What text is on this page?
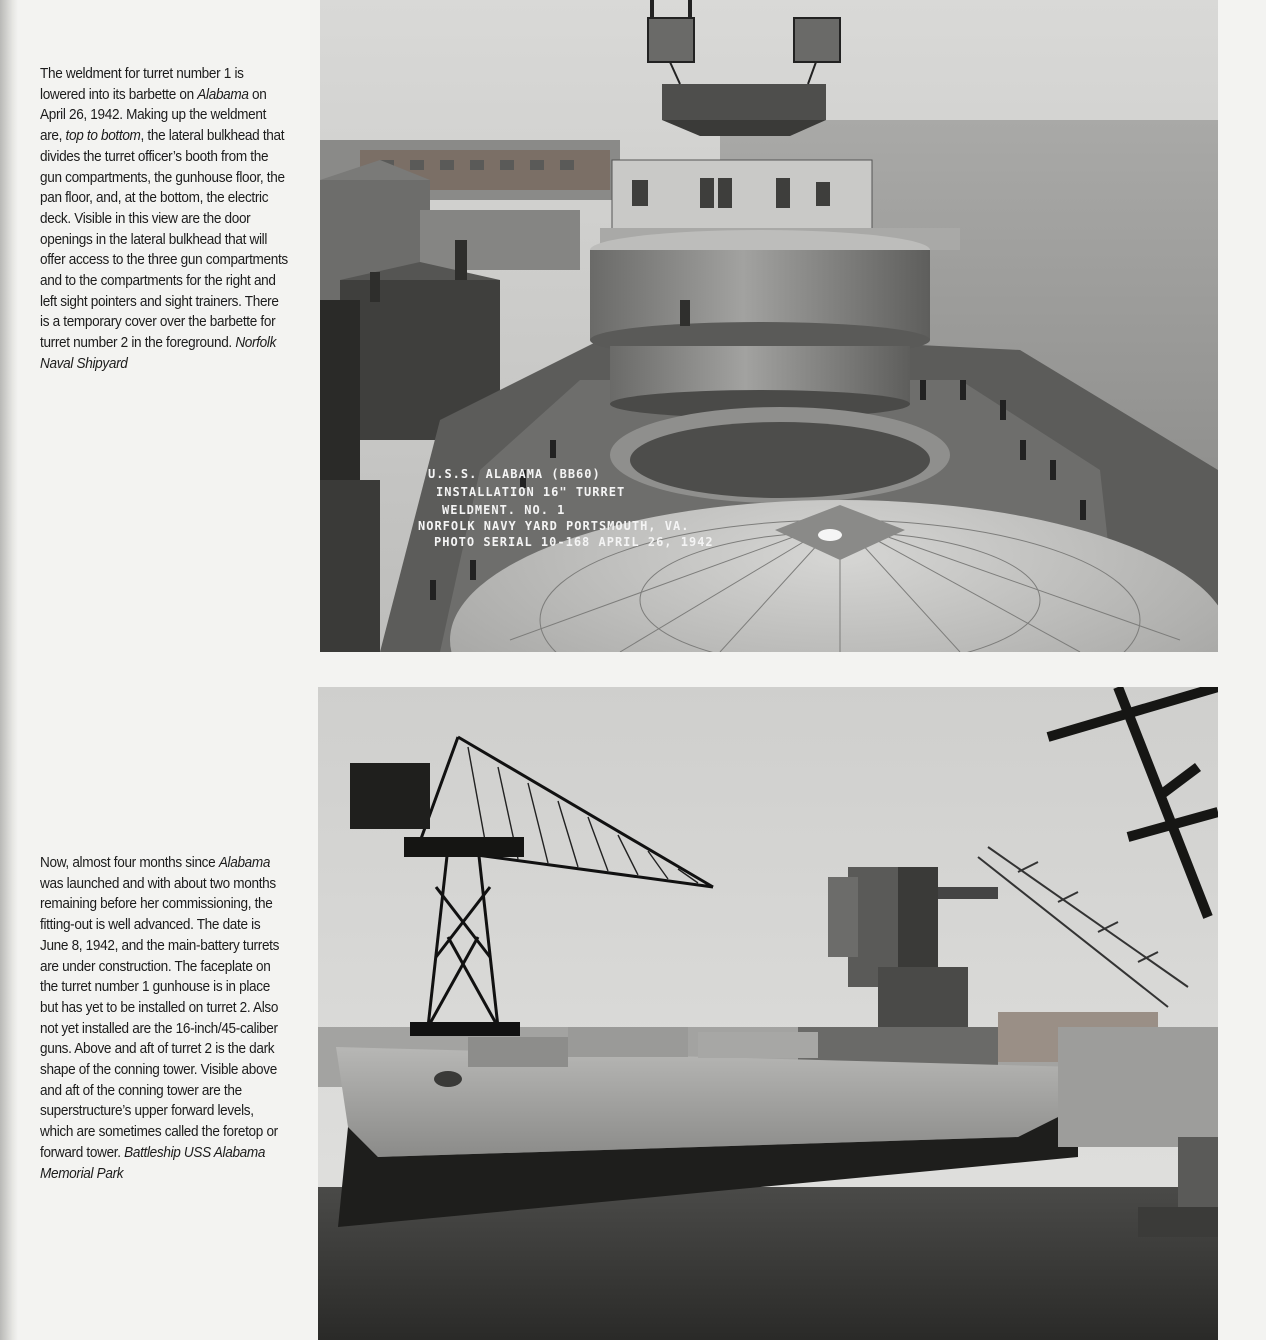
The weldment for turret number 1 is lowered into its barbette on Alabama on April 26, 1942. Making up the weldment are, top to bottom, the lateral bulkhead that divides the turret officer’s booth from the gun compartments, the gunhouse floor, the pan floor, and, at the bottom, the electric deck. Visible in this view are the door openings in the lateral bulkhead that will offer access to the three gun compartments and to the compartments for the right and left sight pointers and sight trainers. There is a temporary cover over the barbette for turret number 2 in the foreground. Norfolk Naval Shipyard
Now, almost four months since Alabama was launched and with about two months remaining before her commissioning, the fitting-out is well advanced. The date is June 8, 1942, and the main-battery turrets are under construction. The faceplate on the turret number 1 gunhouse is in place but has yet to be installed on turret 2. Also not yet installed are the 16-inch/45-caliber guns. Above and aft of turret 2 is the dark shape of the conning tower. Visible above and aft of the conning tower are the superstructure’s upper forward levels, which are sometimes called the foretop or forward tower. Battleship USS Alabama Memorial Park
U.S.S. ALABAMA (BB60)
INSTALLATION 16" TURRET
WELDMENT. NO. 1
NORFOLK NAVY YARD PORTSMOUTH, VA.
PHOTO SERIAL 10-168 APRIL 26, 1942
